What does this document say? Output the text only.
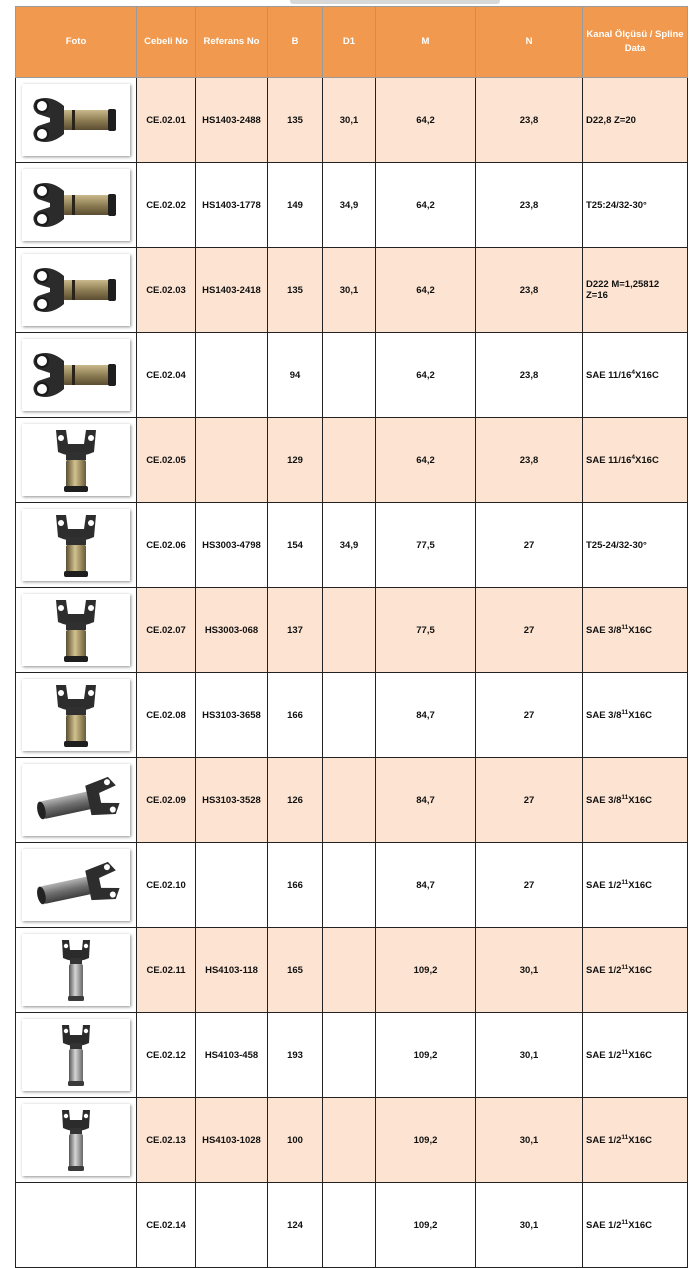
Foto	Cebeli No	Referans No	B	D1	M	N	Kanal Ölçüsü / Spline Data

	CE.02.01	HS1403-2488	135	30,1	64,2	23,8	D22,8 Z=20

	CE.02.02	HS1403-1778	149	34,9	64,2	23,8	T25:24/32-30°

	CE.02.03	HS1403-2418	135	30,1	64,2	23,8	D222 M=1,25812 Z=16

	CE.02.04		94		64,2	23,8	SAE $11/16^4X16C$

	CE.02.05		129		64,2	23,8	SAE $11/16^4X16C$

	CE.02.06	HS3003-4798	154	34,9	77,5	27	T25-24/32-30°

	CE.02.07	HS3003-068	137		77,5	27	SAE $3/8^{11}X16C$

	CE.02.08	HS3103-3658	166		84,7	27	SAE $3/8^{11}X16C$

	CE.02.09	HS3103-3528	126		84,7	27	SAE $3/8^{11}X16C$

	CE.02.10		166		84,7	27	SAE $1/2^{11}X16C$

	CE.02.11	HS4103-118	165		109,2	30,1	SAE $1/2^{11}X16C$

	CE.02.12	HS4103-458	193		109,2	30,1	SAE $1/2^{11}X16C$

	CE.02.13	HS4103-1028	100		109,2	30,1	SAE $1/2^{11}X16C$
	CE.02.14		124		109,2	30,1	SAE $1/2^{11}X16C$
